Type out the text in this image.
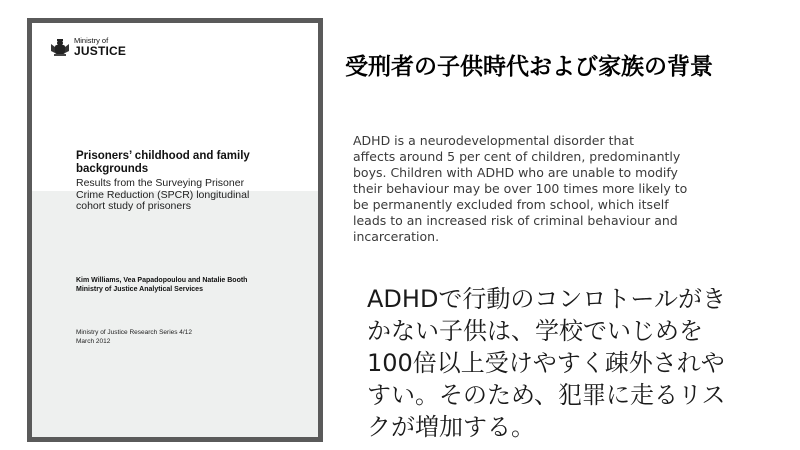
Ministry of
JUSTICE
Prisoners’ childhood and family
backgrounds
Results from the Surveying Prisoner
Crime Reduction (SPCR) longitudinal
cohort study of prisoners
Kim Williams, Vea Papadopoulou and Natalie Booth
Ministry of Justice Analytical Services
Ministry of Justice Research Series 4/12
March 2012
受刑者の子供時代および家族の背景
ADHD is a neurodevelopmental disorder that
affects around 5 per cent of children, predominantly
boys. Children with ADHD who are unable to modify
their behaviour may be over 100 times more likely to
be permanently excluded from school, which itself
leads to an increased risk of criminal behaviour and
incarceration.
ADHDで行動のコンロトールがき
かない子供は、学校でいじめを
100倍以上受けやすく疎外されや
すい。そのため、犯罪に走るリス
クが増加する。
